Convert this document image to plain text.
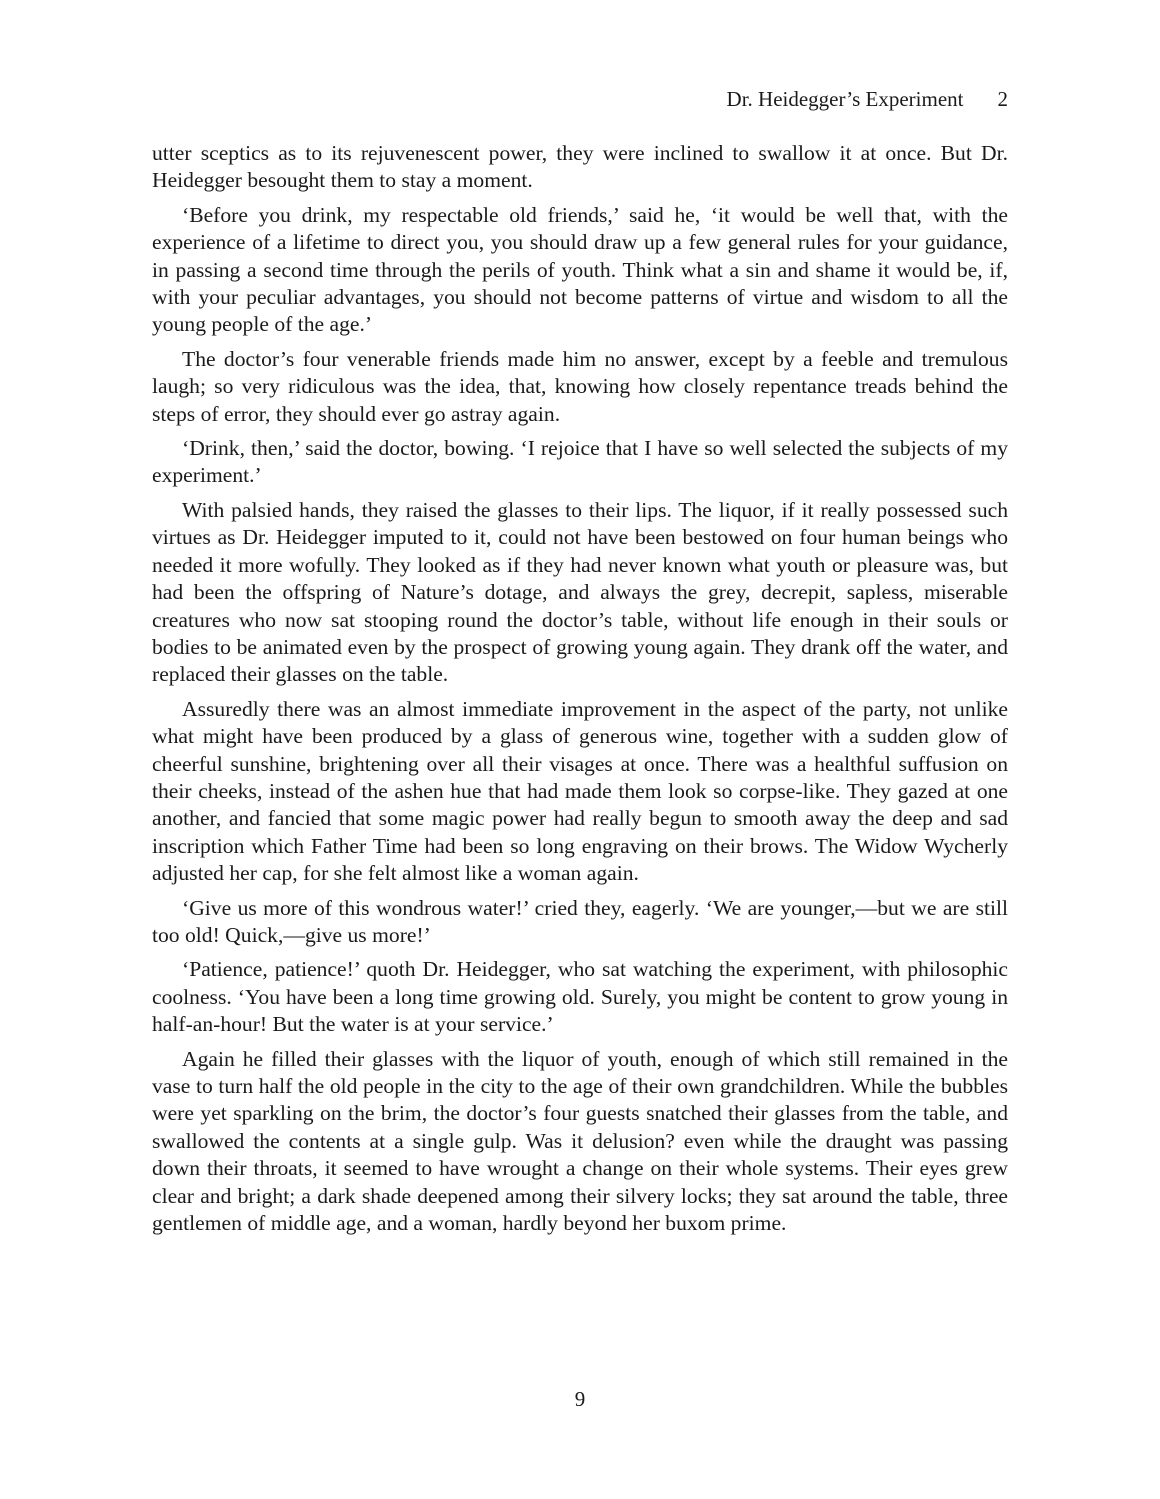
Dr. Heidegger’s Experiment 2

utter sceptics as to its rejuvenescent power, they were inclined to swallow it at once. But Dr. Heidegger besought them to stay a moment.

‘Before you drink, my respectable old friends,’ said he, ‘it would be well that, with the experience of a lifetime to direct you, you should draw up a few general rules for your guidance, in passing a second time through the perils of youth. Think what a sin and shame it would be, if, with your peculiar advantages, you should not become patterns of virtue and wisdom to all the young people of the age.’

The doctor’s four venerable friends made him no answer, except by a feeble and tremulous laugh; so very ridiculous was the idea, that, knowing how closely repentance treads behind the steps of error, they should ever go astray again.

‘Drink, then,’ said the doctor, bowing. ‘I rejoice that I have so well selected the subjects of my experiment.’

With palsied hands, they raised the glasses to their lips. The liquor, if it really possessed such virtues as Dr. Heidegger imputed to it, could not have been bestowed on four human beings who needed it more wofully. They looked as if they had never known what youth or pleasure was, but had been the offspring of Nature’s dotage, and always the grey, decrepit, sapless, miserable creatures who now sat stooping round the doctor’s table, without life enough in their souls or bodies to be animated even by the prospect of growing young again. They drank off the water, and replaced their glasses on the table.

Assuredly there was an almost immediate improvement in the aspect of the party, not unlike what might have been produced by a glass of generous wine, together with a sudden glow of cheerful sunshine, brightening over all their visages at once. There was a healthful suffusion on their cheeks, instead of the ashen hue that had made them look so corpse-like. They gazed at one another, and fancied that some magic power had really begun to smooth away the deep and sad inscription which Father Time had been so long engraving on their brows. The Widow Wycherly adjusted her cap, for she felt almost like a woman again.

‘Give us more of this wondrous water!’ cried they, eagerly. ‘We are younger,—but we are still too old! Quick,—give us more!’

‘Patience, patience!’ quoth Dr. Heidegger, who sat watching the experiment, with philosophic coolness. ‘You have been a long time growing old. Surely, you might be content to grow young in half-an-hour! But the water is at your service.’

Again he filled their glasses with the liquor of youth, enough of which still remained in the vase to turn half the old people in the city to the age of their own grandchildren. While the bubbles were yet sparkling on the brim, the doctor’s four guests snatched their glasses from the table, and swallowed the contents at a single gulp. Was it delusion? even while the draught was passing down their throats, it seemed to have wrought a change on their whole systems. Their eyes grew clear and bright; a dark shade deepened among their silvery locks; they sat around the table, three gentlemen of middle age, and a woman, hardly beyond her buxom prime.

9
